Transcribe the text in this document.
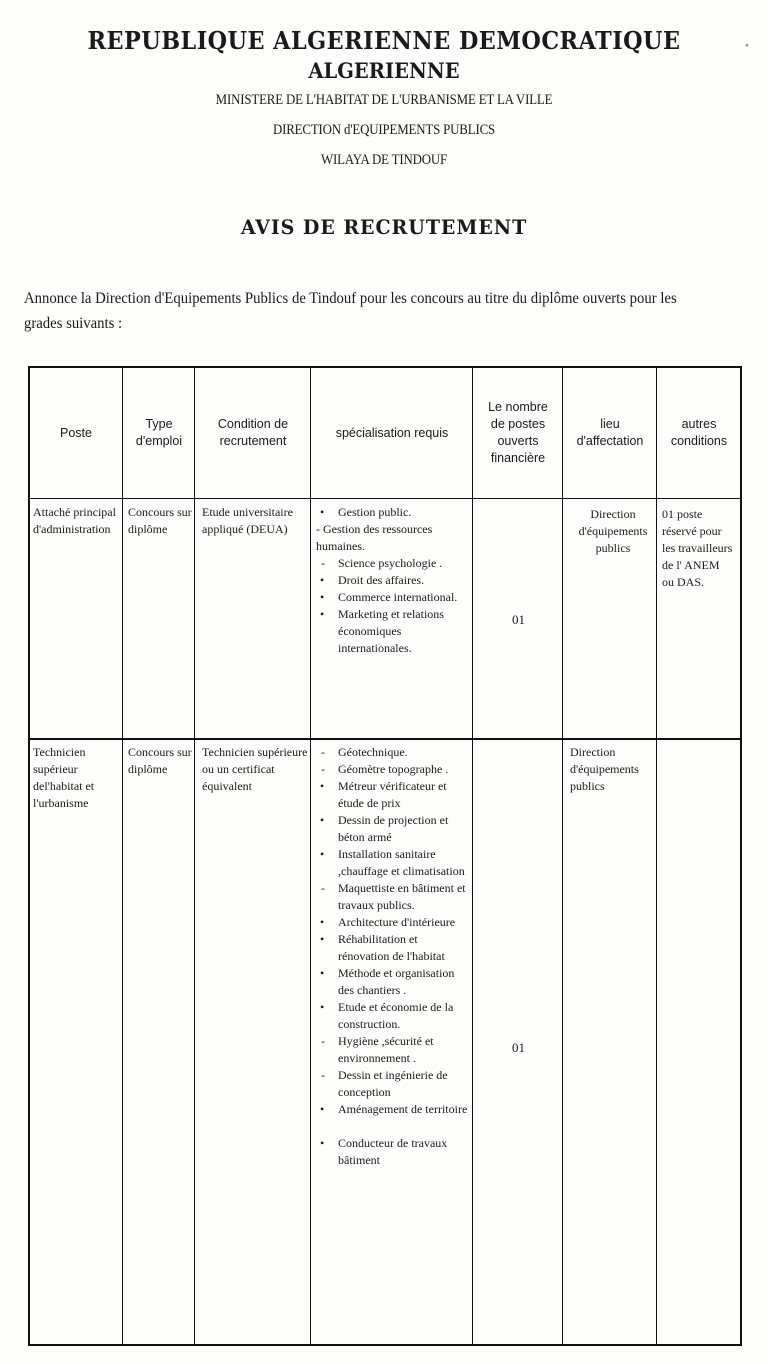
•
REPUBLIQUE ALGERIENNE DEMOCRATIQUE
ALGERIENNE
MINISTERE DE L'HABITAT DE L'URBANISME ET LA VILLE
DIRECTION d'EQUIPEMENTS PUBLICS
WILAYA DE TINDOUF
AVIS DE RECRUTEMENT
Annonce la Direction d'Equipements Publics de Tindouf pour les concours au titre du diplôme ouverts pour les
grades suivants :
Poste
Type
d'emploi
Condition de
recrutement
spécialisation requis
Le nombre
de postes
ouverts
financière
lieu
d'affectation
autres
conditions
Attaché principal
d'administration
Concours sur
diplôme
Etude universitaire
appliqué (DEUA)
• Gestion public.
- Gestion des ressources
humaines.
- Science psychologie .
• Droit des affaires.
• Commerce international.
• Marketing et relations
économiques
internationales.
01
Direction
d'équipements
publics
01 poste
réservé pour
les travailleurs
de l' ANEM
ou DAS.
Technicien
supérieur
del'habitat et
l'urbanisme
Concours sur
diplôme
Technicien supérieure
ou un certificat
équivalent
- Géotechnique.
- Géomètre topographe .
• Métreur vérificateur et
étude de prix
• Dessin de projection et
béton armé
• Installation sanitaire
,chauffage et climatisation
- Maquettiste en bâtiment et
travaux publics.
• Architecture d'intérieure
• Réhabilitation et
rénovation de l'habitat
• Méthode et organisation
des chantiers .
• Etude et économie de la
construction.
- Hygiène ,sécurité et
environnement .
- Dessin et ingénierie de
conception
• Aménagement de territoire
• Conducteur de travaux
bâtiment
01
Direction
d'équipements
publics
